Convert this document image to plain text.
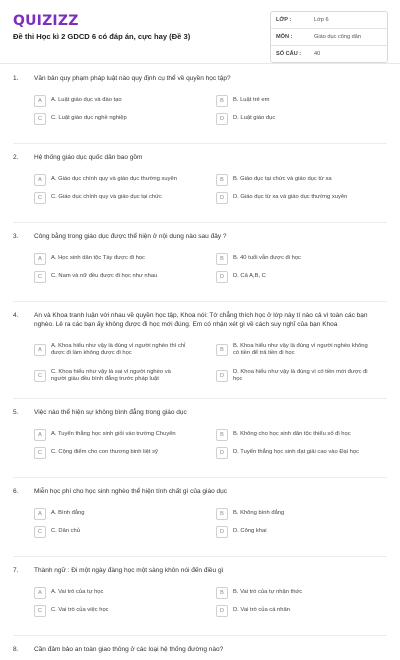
QUIZIZZ
Đề thi Học kì 2 GDCD 6 có đáp án, cực hay (Đề 3)
LỚP :	Lớp 6
MÔN :	Giáo dục công dân
SỐ CÂU :	40
1.	Văn bản quy phạm pháp luật nào quy định cụ thể về quyền học tập?
A	A. Luật giáo dục và đào tạo	B	B. Luật trẻ em
C	C. Luật giáo dục nghề nghiệp	D	D. Luật giáo dục
2.	Hệ thống giáo dục quốc dân bao gồm
A	A. Giáo dục chính quy và giáo dục thường xuyên	B	B. Giáo dục tại chức và giáo dục từ xa
C	C. Giáo dục chính quy và giáo dục tại chức	D	D. Giáo dục từ xa và giáo dục thường xuyên
3.	Công bằng trong giáo dục được thể hiện ở nội dung nào sau đây ?
A	A. Học sinh dân tộc Tày được đi học	B	B. 40 tuổi vẫn được đi học
C	C. Nam và nữ đều được đi học như nhau	D	D. Cả A,B, C
4.	An và Khoa tranh luận với nhau về quyền học tập, Khoa nói: Tớ chẳng thích học ở lớp này tí nào cả vì toàn các bạn
nghèo. Lê ra các bạn ấy không được đi học mới đúng. Em có nhận xét gì về cách suy nghĩ của bạn Khoa
A
A. Khoa hiểu như vậy là đúng vì người nghèo thì chỉ
được đi làm không được đi học	B
B. Khoa hiểu như vậy là đúng vì người nghèo không
có tiền để trả tiền đi học
C
C. Khoa hiểu như vậy là sai vì người nghèo và
người giàu đều bình đẳng trước pháp luật	D
D. Khoa hiểu như vậy là đúng vì có tiền mới được đi
học
5.	Việc nào thể hiện sự không bình đẳng trong giáo dục
A	A. Tuyển thẳng học sinh giỏi vào trường Chuyên	B	B. Không cho học sinh dân tộc thiểu số đi học
C	C. Cộng điểm cho con thương binh liệt sỹ	D	D. Tuyển thẳng học sinh đạt giải cao vào Đại học
6.	Miễn học phí cho học sinh nghèo thể hiện tính chất gì của giáo dục
A	A. Bình đẳng	B	B. Không bình đẳng
C	C. Dân chủ	D	D. Công khai
7.	Thành ngữ : Đi một ngày đàng học một sàng khôn nói đến điều gì
A	A. Vai trò của tự học	B	B. Vai trò của tự nhận thức
C	C. Vai trò của việc học	D	D. Vai trò của cá nhân
8.	Cần đảm bảo an toàn giao thông ở các loại hệ thống đường nào?
